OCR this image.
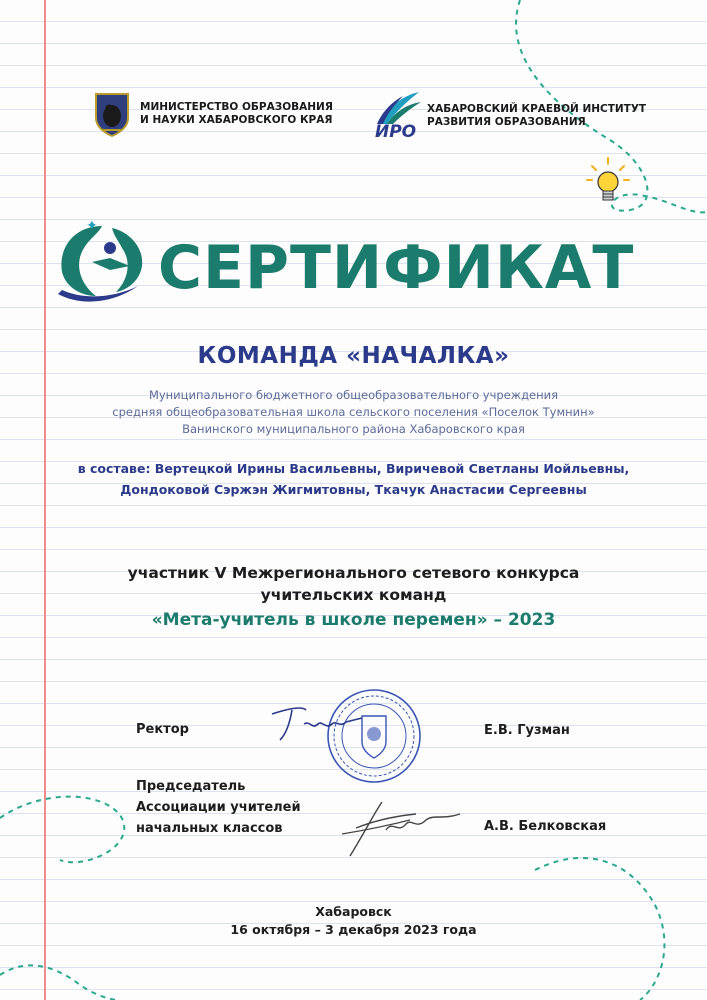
МИНИСТЕРСТВО ОБРАЗОВАНИЯ
И НАУКИ ХАБАРОВСКОГО КРАЯ
ИРО
ХАБАРОВСКИЙ КРАЕВОЙ ИНСТИТУТ
РАЗВИТИЯ ОБРАЗОВАНИЯ
✦
СЕРТИФИКАТ
КОМАНДА «НАЧАЛКА»
Муниципального бюджетного общеобразовательного учреждения
средняя общеобразовательная школа сельского поселения «Поселок Тумнин»
Ванинского муниципального района Хабаровского края
в составе: Вертецкой Ирины Васильевны, Виричевой Светланы Иойльевны,
Дондоковой Сэржэн Жигмитовны, Ткачук Анастасии Сергеевны
участник V Межрегионального сетевого конкурса
учительских команд
«Мета-учитель в школе перемен» – 2023
Ректор	Е.В. Гузман
Председатель
Ассоциации учителей
начальных классов	А.В. Белковская
Хабаровск
16 октября – 3 декабря 2023 года
